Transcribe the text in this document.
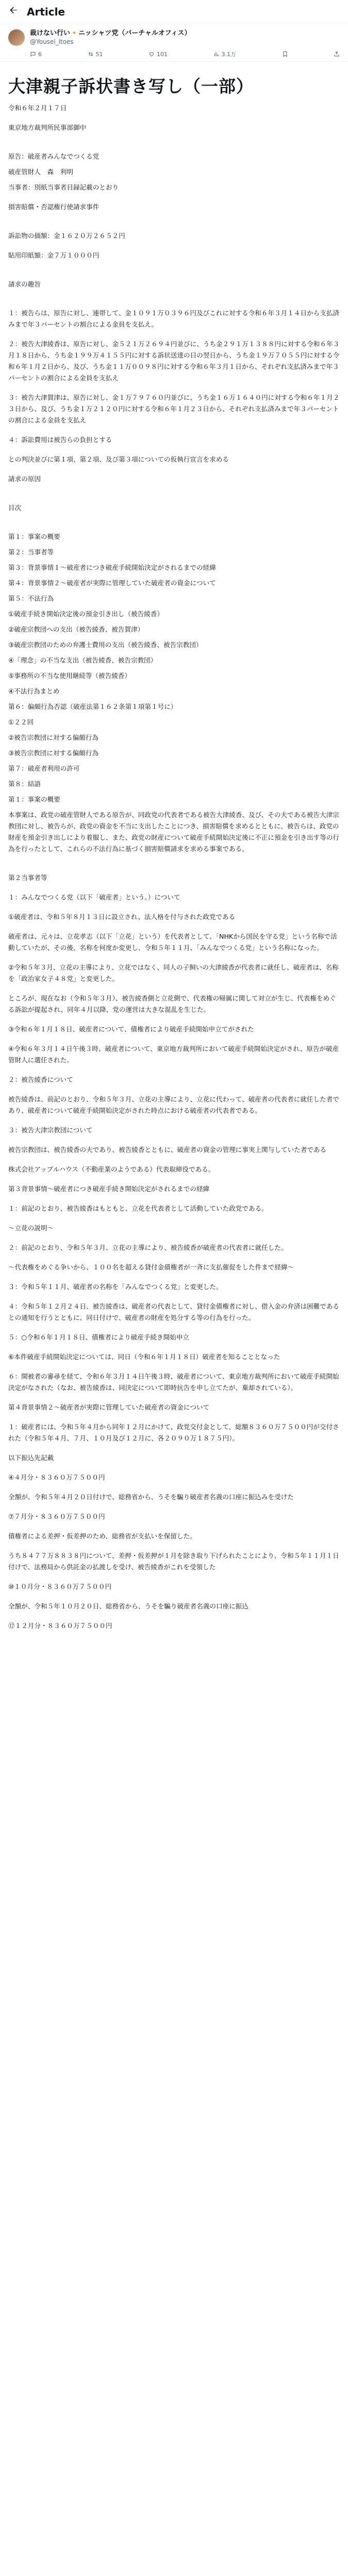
Article
裁けない行い🔸ニッシャツ党（バーチャルオフィス）
@Yousei_itoes
6	51	101	3.1万
大津親子訴状書き写し（一部）

令和６年２月１７日

東京地方裁判所民事部御中

原告：破産者みんなでつくる党

破産管財人　森　利明

当事者：別紙当事者目録記載のとおり

損害賠償・否認権行使請求事件

訴訟物の価額：金１６２０万２６５２円

貼用印紙額：金７万１０００円

請求の趣旨

１：被告らは、原告に対し、連帯して、金１０９１万０３９６円及びこれに対する令和６年３月１４日から支払済みまで年３パーセントの割合による金員を支払え。

２：被告大津綾香は、原告に対し、金５２１万２６９４円並びに、うち金２９１万１３８８円に対する令和６年３月１８日から、うち金１９９万４１５５円に対する訴状送達の日の翌日から、うち金１９万７０５５円に対する令和６年１月２日から、及び、うち金１１万００９８円に対する令和６年３月１日から、それぞれ支払済みまで年３パーセントの割合による金員を支払え

３：被告大津賀津は、原告に対し、金１万７９７６０円並びに、うち金１６万１６４０円に対する令和６年１月２３日から、及び、うち金１万２１２０円に対する令和６年１月２３日から、それぞれ支払済みまで年３パーセントの割合による金員を支払え

４：訴訟費用は被告らの負担とする

との判決並びに第１項、第２項、及び第３項についての仮執行宣言を求める

請求の原因

目次

第１：事案の概要

第２：当事者等

第３：背景事情１～破産者につき破産手続開始決定がされるまでの経緯

第４：背景事情２～破産者が実際に管理していた破産者の資金について

第５：不法行為

①破産手続き開始決定後の預金引き出し（被告綾香）

②破産宗教団への支出（被告綾香、被告賀津）

③破産宗教団のための弁護士費用の支出（被告綾香、被告宗教団）

④「理念」の不当な支出（被告綾香、被告宗教団）

⑤事務所の不当な使用継続等（被告綾香）

④不法行為まとめ

第６：偏頗行為否認（破産法第１６２条第１項第１号に）

①２２回

②被告宗教団に対する偏頗行為

③被告宗教団に対する偏頗行為

第７：破産者利用の許可

第８：結語

第１：事案の概要

本事案は、政党の破産管財人である原告が、同政党の代表者である被告大津綾香、及び、その夫である被告大津宗教団に対し、被告らが、政党の資金を不当に支出したことにつき、損害賠償を求めるとともに、被告らは、政党の財産を預金引き出しにより着服し、また、政党の財産について破産手続開始決定後に不正に預金を引き出す等の行為を行ったとして、これらの不法行為に基づく損害賠償請求を求める事案である。

第２当事者等

１：みんなでつくる党（以下「破産者」という。）について

①破産者は、令和５年８月１３日に設立され、法人格を付与された政党である

破産者は、元々は、立花孝志（以下「立花」という）を代表者として、「NHKから国民を守る党」という名称で活動していたが、その後、名称を何度か変更し、令和５年１１月、「みんなでつくる党」という名称になった。

②令和５年３月、立花の主導により、立花ではなく、同人の子飼いの大津綾香が代表者に就任し、破産者は、名称を「政治家女子４８党」と変更した。

ところが、現在なお（令和５年３月）、被告綾香側と立花側で、代表権の帰属に関して対立が生じ、代表権をめぐる訴訟が提起され、同年４月以降、党の運営は大きな混乱を生じた。

③令和６年１月１８日、破産者について、債権者により破産手続開始申立てがされた

④令和６年３月１４日午後３時、破産者について、東京地方裁判所において破産手続開始決定がされ、原告が破産管財人に選任された。

２：被告綾香について

被告綾香は、前記のとおり、令和５年３月、立花の主導により、立花に代わって、破産者の代表者に就任した者であり、破産者について破産手続開始決定がされた時点における破産者の代表者である。

３：被告大津宗教団について

被告宗教団は、被告綾香の夫であり、被告綾香とともに、破産者の資金の管理に事実上関与していた者である

株式会社アップルハウス（不動産業のようである）代表取締役である。

第３背景事情～破産者につき破産手続き開始決定がされるまでの経緯

１：前記のとおり、被告綾香はもともと、立花を代表者として活動していた政党である。

～立花の説明～

２：前記のとおり、令和５年３月、立花の主導により、被告綾香が破産者の代表者に就任した。

～代表権をめぐる争いから、１００名を超える貸付金債権者が一斉に支払催促をした件まで経緯～

３：令和５年１１月、破産者の名称を「みんなでつくる党」と変更した。

４：令和５年１２月２４日、被告綾香は、破産者の代表として、貸付金債権者に対し、借入金の弁済は困難であるとの通知を行うとともに、同日付けで、破産者の財産を処分する等の行為を行った。

５：○令和６年１月１８日、債権者により破産手続き開始申立

⑥本件破産手続開始決定については、同日（令和６年１月１８日）破産者を知ることとなった

６：開被者の審尋を経て、令和６年３月１４日午後３時、破産者について、東京地方裁判所において破産手続開始決定がなされた（なお、被告綾香は、同決定について即時抗告を申し立てたが、棄却されている）。

第４背景事情２～破産者が実際に管理していた破産者の資金について

１：破産者には、令和５年４月から同年１２月にかけて、政党交付金として、総額８３６０万７５００円が交付された（令和５年４月、７月、１０月及び１２月に、各２０９０万１８７５円）。

以下振込先記載

④４月分・８３６０万７５００円

全額が、令和５年４月２０日付けで、総務省から、うそを騙り破産者名義の口座に振込みを受けた

⑦７月分・８３６０万７５００円

債権者による差押・仮差押のため、総務省が支払いを保留した。

うち８４７７万８８３８円について、差押・仮差押が１月を除き取り下げられたことにより、令和５年１１月１日付けで、法務局から供託金の払渡しを受け、被告綾香がこれを受領した

⑩１０月分・８３６０万７５００円

全額が、令和５年１０月２０日、総務省から、うそを騙り破産者名義の口座に振込

⑫１２月分・８３６０万７５００円
